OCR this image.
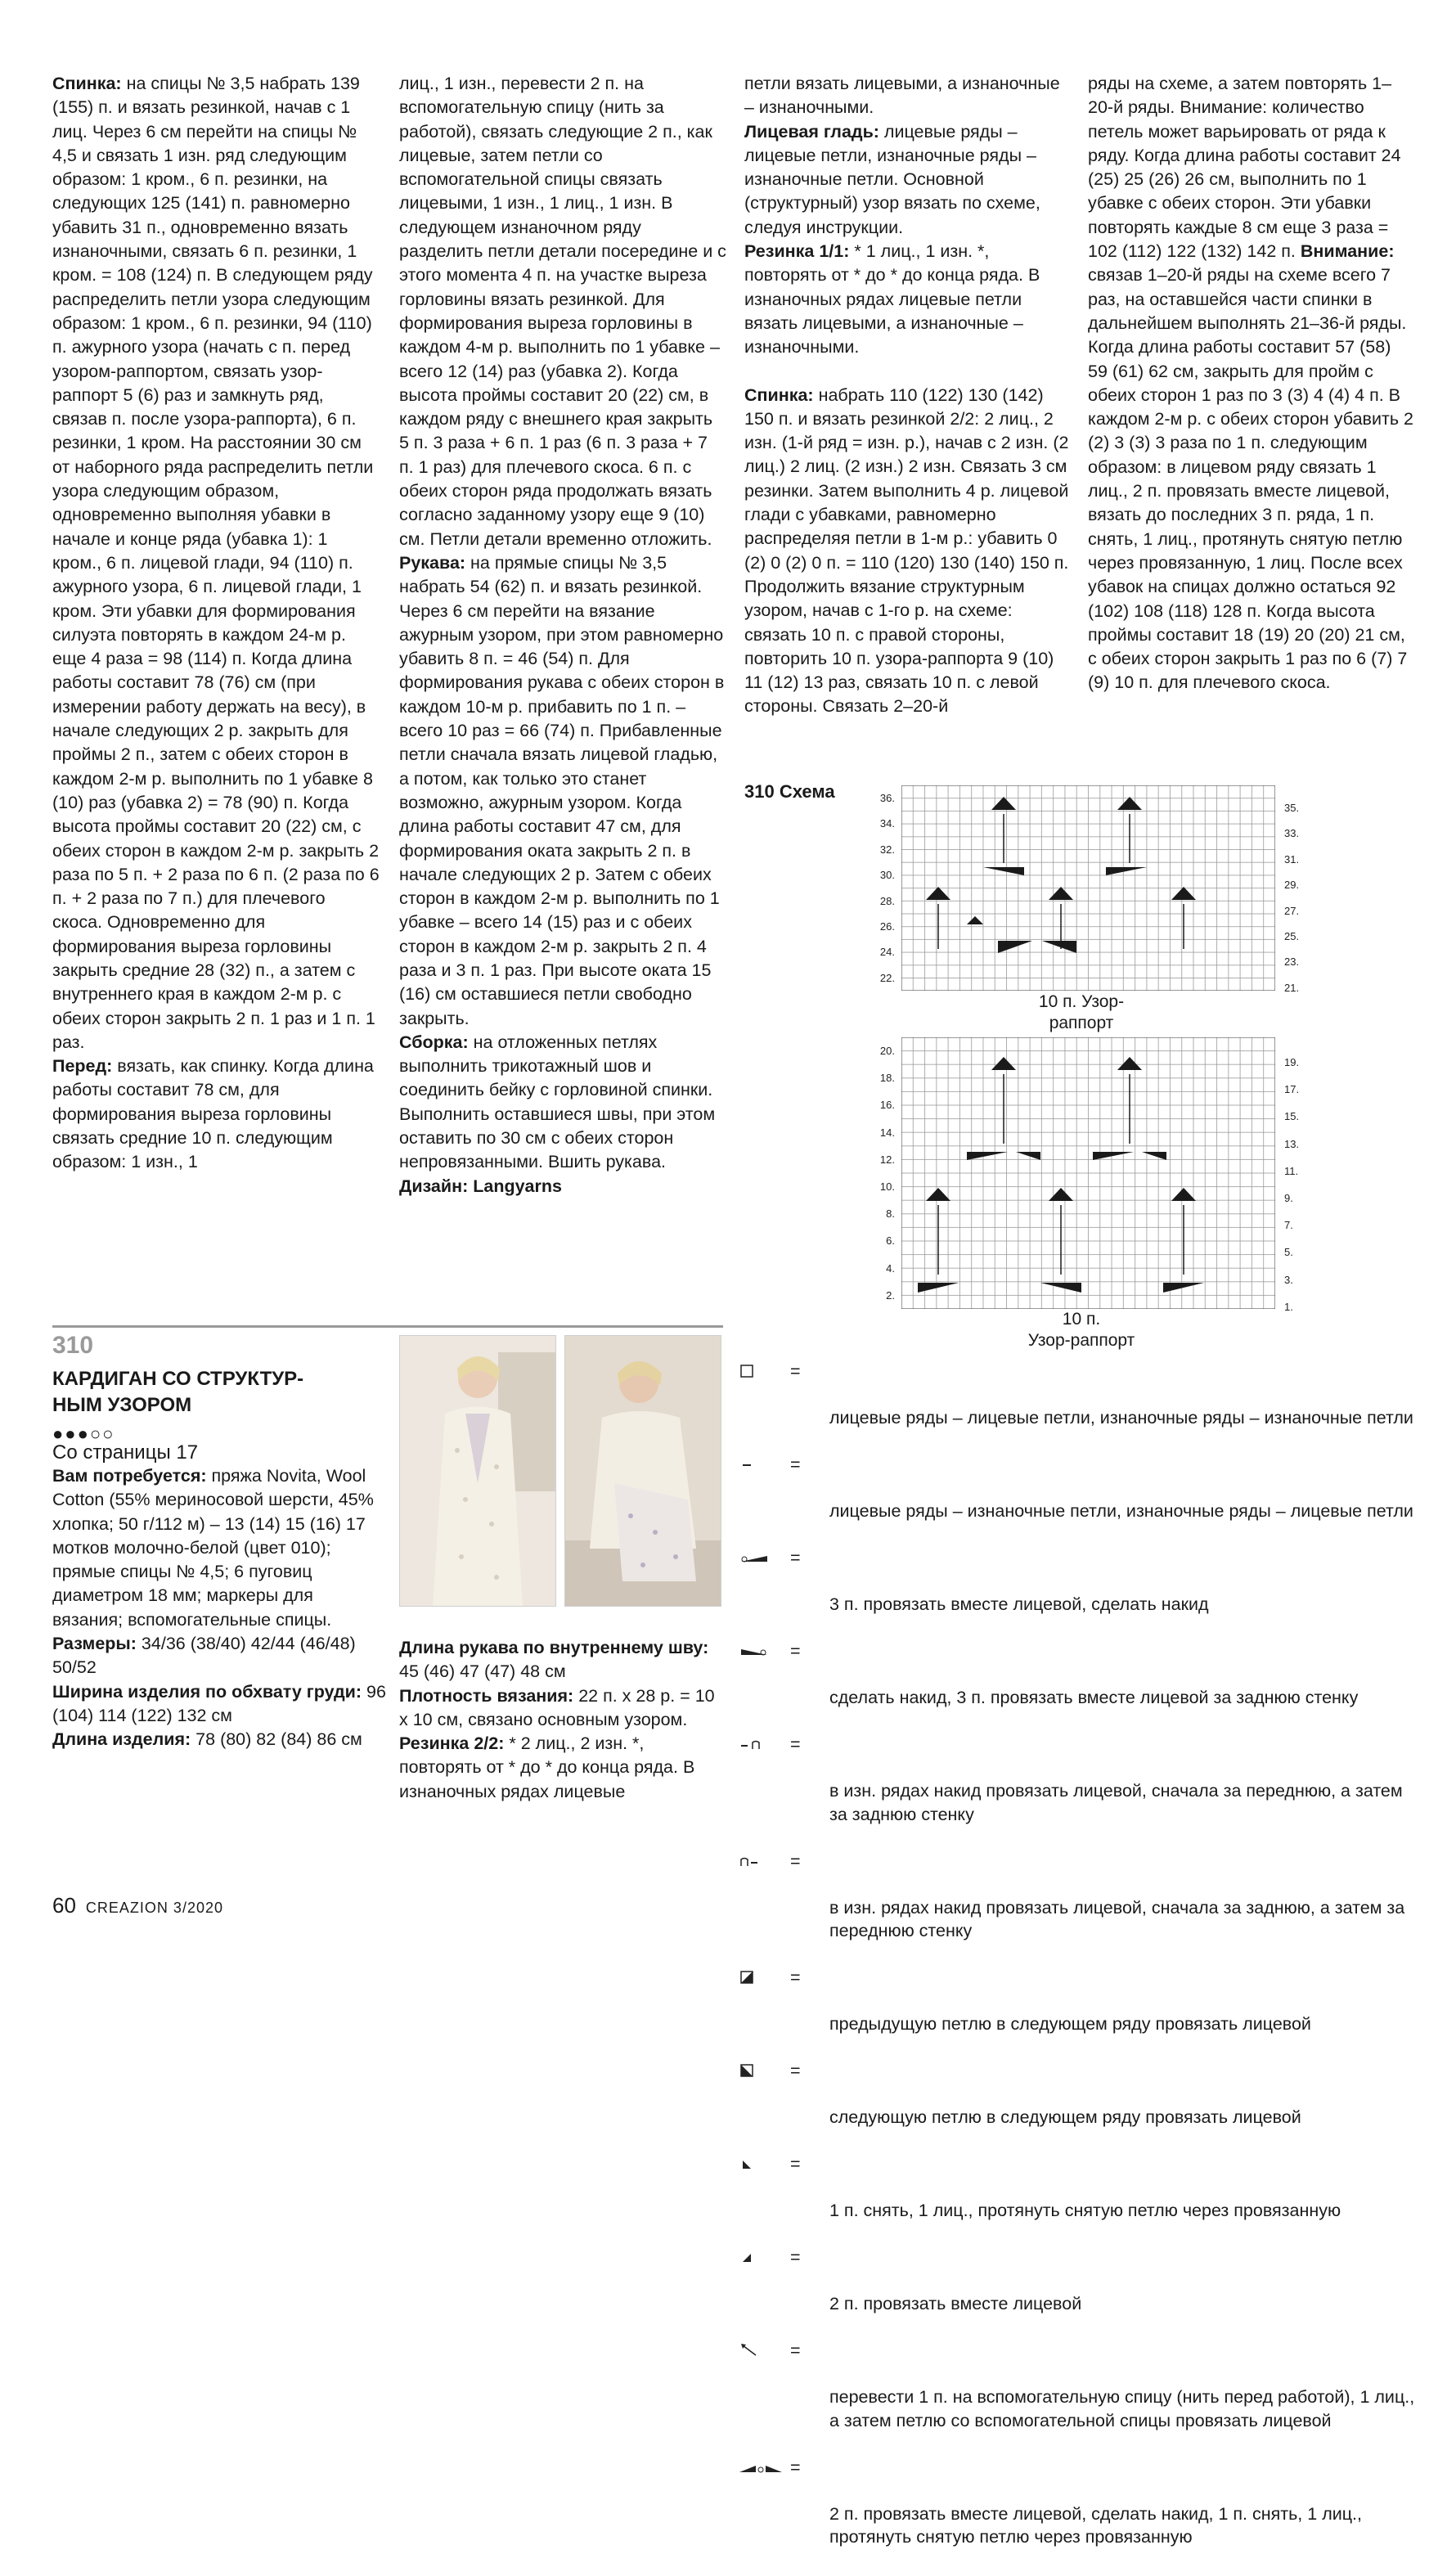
Спинка: на спицы № 3,5 набрать 139 (155) п. и вязать резинкой, начав с 1 лиц. Через 6 см перейти на спицы № 4,5 и связать 1 изн. ряд следующим образом: 1 кром., 6 п. резинки, на следующих 125 (141) п. равномерно убавить 31 п., одновременно вязать изнаночными, связать 6 п. резинки, 1 кром. = 108 (124) п. В следующем ряду распределить петли узора следующим образом: 1 кром., 6 п. резинки, 94 (110) п. ажурного узора (начать с п. перед узором-раппортом, связать узор-раппорт 5 (6) раз и замкнуть ряд, связав п. после узора-раппорта), 6 п. резинки, 1 кром. На расстоянии 30 см от наборного ряда распределить петли узора следующим образом, одновременно выполняя убавки в начале и конце ряда (убавка 1): 1 кром., 6 п. лицевой глади, 94 (110) п. ажурного узора, 6 п. лицевой глади, 1 кром. Эти убавки для формирования силуэта повторять в каждом 24-м р. еще 4 раза = 98 (114) п. Когда длина работы составит 78 (76) см (при измерении работу держать на весу), в начале следующих 2 р. закрыть для проймы 2 п., затем с обеих сторон в каждом 2-м р. выполнить по 1 убавке 8 (10) раз (убавка 2) = 78 (90) п. Когда высота проймы составит 20 (22) см, с обеих сторон в каждом 2-м р. закрыть 2 раза по 5 п. + 2 раза по 6 п. (2 раза по 6 п. + 2 раза по 7 п.) для плечевого скоса. Одновременно для формирования выреза горловины закрыть средние 28 (32) п., а затем с внутреннего края в каждом 2-м р. с обеих сторон закрыть 2 п. 1 раз и 1 п. 1 раз.

Перед: вязать, как спинку. Когда длина работы составит 78 см, для формирования выреза горловины связать средние 10 п. следующим образом: 1 изн., 1

лиц., 1 изн., перевести 2 п. на вспомогательную спицу (нить за работой), связать следующие 2 п., как лицевые, затем петли со вспомогательной спицы связать лицевыми, 1 изн., 1 лиц., 1 изн. В следующем изнаночном ряду разделить петли детали посередине и с этого момента 4 п. на участке выреза горловины вязать резинкой. Для формирования выреза горловины в каждом 4-м р. выполнить по 1 убавке – всего 12 (14) раз (убавка 2). Когда высота проймы составит 20 (22) см, в каждом ряду с внешнего края закрыть 5 п. 3 раза + 6 п. 1 раз (6 п. 3 раза + 7 п. 1 раз) для плечевого скоса. 6 п. с обеих сторон ряда продолжать вязать согласно заданному узору еще 9 (10) см. Петли детали временно отложить.

Рукава: на прямые спицы № 3,5 набрать 54 (62) п. и вязать резинкой. Через 6 см перейти на вязание ажурным узором, при этом равномерно убавить 8 п. = 46 (54) п. Для формирования рукава с обеих сторон в каждом 10-м р. прибавить по 1 п. – всего 10 раз = 66 (74) п. Прибавленные петли сначала вязать лицевой гладью, а потом, как только это станет возможно, ажурным узором. Когда длина работы составит 47 см, для формирования оката закрыть 2 п. в начале следующих 2 р. Затем с обеих сторон в каждом 2-м р. выполнить по 1 убавке – всего 14 (15) раз и с обеих сторон в каждом 2-м р. закрыть 2 п. 4 раза и 3 п. 1 раз. При высоте оката 15 (16) см оставшиеся петли свободно закрыть.

Сборка: на отложенных петлях выполнить трикотажный шов и соединить бейку с горловиной спинки. Выполнить оставшиеся швы, при этом оставить по 30 см с обеих сторон непровязанными. Вшить рукава.

Дизайн: Langyarns

петли вязать лицевыми, а изнаночные – изнаночными.

Лицевая гладь: лицевые ряды – лицевые петли, изнаночные ряды – изнаночные петли. Основной (структурный) узор вязать по схеме, следуя инструкции.

Резинка 1/1: * 1 лиц., 1 изн. *, повторять от * до * до конца ряда. В изнаночных рядах лицевые петли вязать лицевыми, а изнаночные – изнаночными.

Спинка: набрать 110 (122) 130 (142) 150 п. и вязать резинкой 2/2: 2 лиц., 2 изн. (1-й ряд = изн. р.), начав с 2 изн. (2 лиц.) 2 лиц. (2 изн.) 2 изн. Связать 3 см резинки. Затем выполнить 4 р. лицевой глади с убавками, равномерно распределяя петли в 1-м р.: убавить 0 (2) 0 (2) 0 п. = 110 (120) 130 (140) 150 п. Продолжить вязание структурным узором, начав с 1-го р. на схеме: связать 10 п. с правой стороны, повторить 10 п. узора-раппорта 9 (10) 11 (12) 13 раз, связать 10 п. с левой стороны. Связать 2–20-й

ряды на схеме, а затем повторять 1–20-й ряды. Внимание: количество петель может варьировать от ряда к ряду. Когда длина работы составит 24 (25) 25 (26) 26 см, выполнить по 1 убавке с обеих сторон. Эти убавки повторять каждые 8 см еще 3 раза = 102 (112) 122 (132) 142 п. Внимание: связав 1–20-й ряды на схеме всего 7 раз, на оставшейся части спинки в дальнейшем выполнять 21–36-й ряды. Когда длина работы составит 57 (58) 59 (61) 62 см, закрыть для пройм с обеих сторон 1 раз по 3 (3) 4 (4) 4 п. В каждом 2-м р. с обеих сторон убавить 2 (2) 3 (3) 3 раза по 1 п. следующим образом: в лицевом ряду связать 1 лиц., 2 п. провязать вместе лицевой, вязать до последних 3 п. ряда, 1 п. снять, 1 лиц., протянуть снятую петлю через провязанную, 1 лиц. После всех убавок на спицах должно остаться 92 (102) 108 (118) 128 п. Когда высота проймы составит 18 (19) 20 (20) 21 см, с обеих сторон закрыть 1 раз по 6 (7) 7 (9) 10 п. для плечевого скоса.

310
КАРДИГАН СО СТРУКТУР-
НЫМ УЗОРОМ
●●●○○
Со страницы 17

Вам потребуется: пряжа Novita, Wool Cotton (55% мериносовой шерсти, 45% хлопка; 50 г/112 м) – 13 (14) 15 (16) 17 мотков молочно-белой (цвет 010); прямые спицы № 4,5; 6 пуговиц диаметром 18 мм; маркеры для вязания; вспомогательные спицы.

Размеры: 34/36 (38/40) 42/44 (46/48) 50/52

Ширина изделия по обхвату груди: 96 (104) 114 (122) 132 см

Длина изделия: 78 (80) 82 (84) 86 см

Длина рукава по внутреннему шву: 45 (46) 47 (47) 48 см

Плотность вязания: 22 п. х 28 р. = 10 х 10 см, связано основным узором.

Резинка 2/2: * 2 лиц., 2 изн. *, повторять от * до * до конца ряда. В изнаночных рядах лицевые

310 Схема	36.
34.
32.
30.
28.
26.
24.
22.
35.
33.
31.
29.
27.
25.
23.
21.
10 п. Узор-
раппорт
20.
18.
16.
14.
12.
10.
8.
6.
4.
2.
19.
17.
15.
13.
11.
9.
7.
5.
3.
1.
10 п.
Узор-раппорт

=
лицевые ряды – лицевые петли, изнаночные ряды – изнаночные петли

=
лицевые ряды – изнаночные петли, изнаночные ряды – лицевые петли

=
3 п. провязать вместе лицевой, сделать накид

=
сделать накид, 3 п. провязать вместе лицевой за заднюю стенку

=
в изн. рядах накид провязать лицевой, сначала за переднюю, а затем за заднюю стенку

=
в изн. рядах накид провязать лицевой, сначала за заднюю, а затем за переднюю стенку

=
предыдущую петлю в следующем ряду провязать лицевой

=
следующую петлю в следующем ряду провязать лицевой

=
1 п. снять, 1 лиц., протянуть снятую петлю через провязанную

=
2 п. провязать вместе лицевой

=
перевести 1 п. на вспомогательную спицу (нить перед работой), 1 лиц., а затем петлю со вспомогательной спицы провязать лицевой

=
2 п. провязать вместе лицевой, сделать накид, 1 п. снять, 1 лиц., протянуть снятую петлю через провязанную

60 CREAZION 3/2020
